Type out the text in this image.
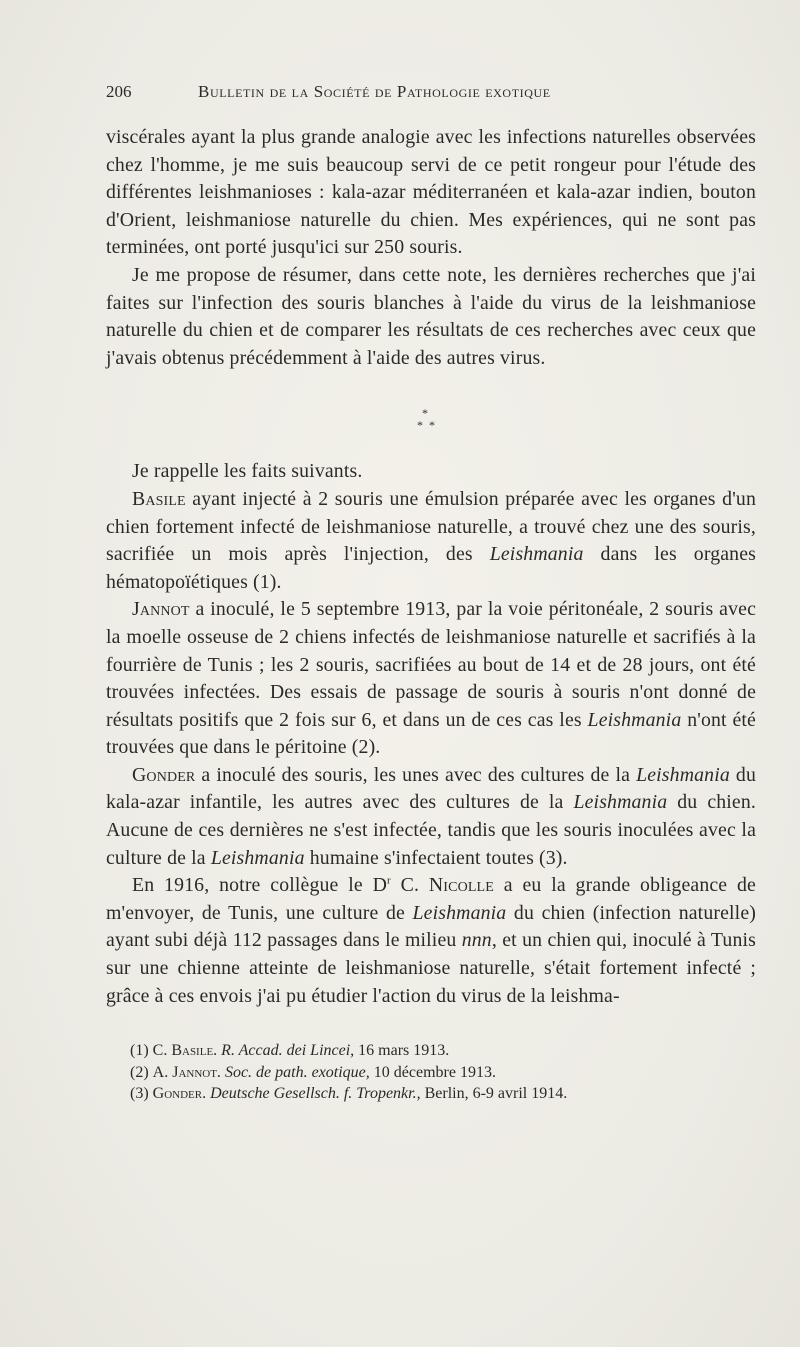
206	Bulletin de la Société de Pathologie exotique

viscérales ayant la plus grande analogie avec les infections naturelles observées chez l'homme, je me suis beaucoup servi de ce petit rongeur pour l'étude des différentes leishmanioses : kala-azar méditerranéen et kala-azar indien, bouton d'Orient, leishmaniose naturelle du chien. Mes expériences, qui ne sont pas terminées, ont porté jusqu'ici sur 250 souris.

Je me propose de résumer, dans cette note, les dernières recherches que j'ai faites sur l'infection des souris blanches à l'aide du virus de la leishmaniose naturelle du chien et de comparer les résultats de ces recherches avec ceux que j'avais obtenus précédemment à l'aide des autres virus.

*
* *

Je rappelle les faits suivants.

Basile ayant injecté à 2 souris une émulsion préparée avec les organes d'un chien fortement infecté de leishmaniose naturelle, a trouvé chez une des souris, sacrifiée un mois après l'injection, des Leishmania dans les organes hématopoïétiques (1).

Jannot a inoculé, le 5 septembre 1913, par la voie péritonéale, 2 souris avec la moelle osseuse de 2 chiens infectés de leishmaniose naturelle et sacrifiés à la fourrière de Tunis ; les 2 souris, sacrifiées au bout de 14 et de 28 jours, ont été trouvées infectées. Des essais de passage de souris à souris n'ont donné de résultats positifs que 2 fois sur 6, et dans un de ces cas les Leishmania n'ont été trouvées que dans le péritoine (2).

Gonder a inoculé des souris, les unes avec des cultures de la Leishmania du kala-azar infantile, les autres avec des cultures de la Leishmania du chien. Aucune de ces dernières ne s'est infectée, tandis que les souris inoculées avec la culture de la Leishmania humaine s'infectaient toutes (3).

En 1916, notre collègue le $D^r$ C. Nicolle a eu la grande obligeance de m'envoyer, de Tunis, une culture de Leishmania du chien (infection naturelle) ayant subi déjà 112 passages dans le milieu nnn, et un chien qui, inoculé à Tunis sur une chienne atteinte de leishmaniose naturelle, s'était fortement infecté ; grâce à ces envois j'ai pu étudier l'action du virus de la leishma-

(1) C. Basile. R. Accad. dei Lincei, 16 mars 1913.

(2) A. Jannot. Soc. de path. exotique, 10 décembre 1913.

(3) Gonder. Deutsche Gesellsch. f. Tropenkr., Berlin, 6-9 avril 1914.
